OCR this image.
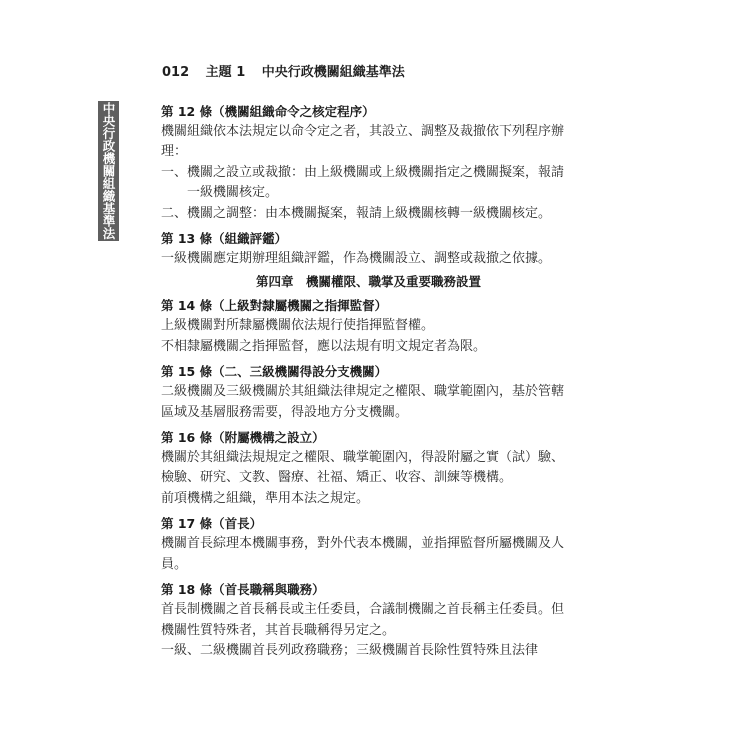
012 主題 1 中央行政機關組織基準法
中央行政機關組織基準法	第 12 條（機關組織命令之核定程序）
機關組織依本法規定以命令定之者，其設立、調整及裁撤依下列程序辦理：
一、 機關之設立或裁撤：由上級機關或上級機關指定之機關擬案，報請一級機關核定。
二、 機關之調整：由本機關擬案，報請上級機關核轉一級機關核定。
第 13 條（組織評鑑）
一級機關應定期辦理組織評鑑，作為機關設立、調整或裁撤之依據。
第四章　機關權限、職掌及重要職務設置
第 14 條（上級對隸屬機關之指揮監督）
上級機關對所隸屬機關依法規行使指揮監督權。
不相隸屬機關之指揮監督，應以法規有明文規定者為限。
第 15 條（二、三級機關得設分支機關）
二級機關及三級機關於其組織法律規定之權限、職掌範圍內，基於管轄區域及基層服務需要，得設地方分支機關。
第 16 條（附屬機構之設立）
機關於其組織法規規定之權限、職掌範圍內，得設附屬之實（試）驗、檢驗、研究、文教、醫療、社福、矯正、收容、訓練等機構。
前項機構之組織，準用本法之規定。
第 17 條（首長）
機關首長綜理本機關事務，對外代表本機關，並指揮監督所屬機關及人員。
第 18 條（首長職稱與職務）
首長制機關之首長稱長或主任委員，合議制機關之首長稱主任委員。但機關性質特殊者，其首長職稱得另定之。
一級、二級機關首長列政務職務；三級機關首長除性質特殊且法律
